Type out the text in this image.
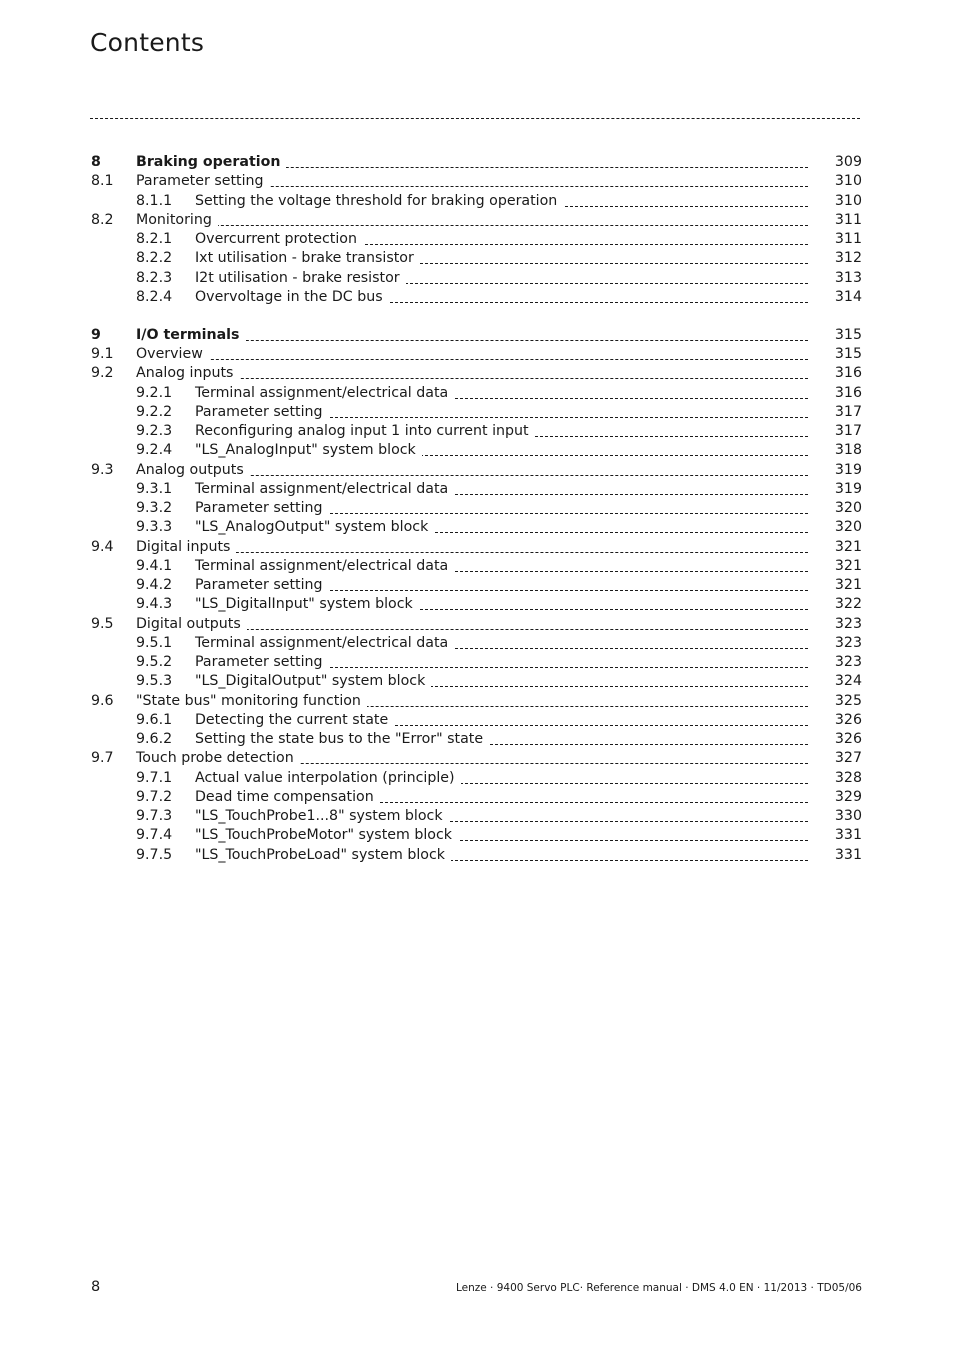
Contents
8 Braking operation	309
8.1 Parameter setting	310
8.1.1 Setting the voltage threshold for braking operation	310
8.2 Monitoring	311
8.2.1 Overcurrent protection	311
8.2.2 Ixt utilisation - brake transistor	312
8.2.3 I2t utilisation - brake resistor	313
8.2.4 Overvoltage in the DC bus	314
9 I/O terminals	315
9.1 Overview	315
9.2 Analog inputs	316
9.2.1 Terminal assignment/electrical data	316
9.2.2 Parameter setting	317
9.2.3 Reconfiguring analog input 1 into current input	317
9.2.4 "LS_AnalogInput" system block	318
9.3 Analog outputs	319
9.3.1 Terminal assignment/electrical data	319
9.3.2 Parameter setting	320
9.3.3 "LS_AnalogOutput" system block	320
9.4 Digital inputs	321
9.4.1 Terminal assignment/electrical data	321
9.4.2 Parameter setting	321
9.4.3 "LS_DigitalInput" system block	322
9.5 Digital outputs	323
9.5.1 Terminal assignment/electrical data	323
9.5.2 Parameter setting	323
9.5.3 "LS_DigitalOutput" system block	324
9.6 "State bus" monitoring function	325
9.6.1 Detecting the current state	326
9.6.2 Setting the state bus to the "Error" state	326
9.7 Touch probe detection	327
9.7.1 Actual value interpolation (principle)	328
9.7.2 Dead time compensation	329
9.7.3 "LS_TouchProbe1...8" system block	330
9.7.4 "LS_TouchProbeMotor" system block	331
9.7.5 "LS_TouchProbeLoad" system block	331
8	Lenze · 9400 Servo PLC· Reference manual · DMS 4.0 EN · 11/2013 · TD05/06
